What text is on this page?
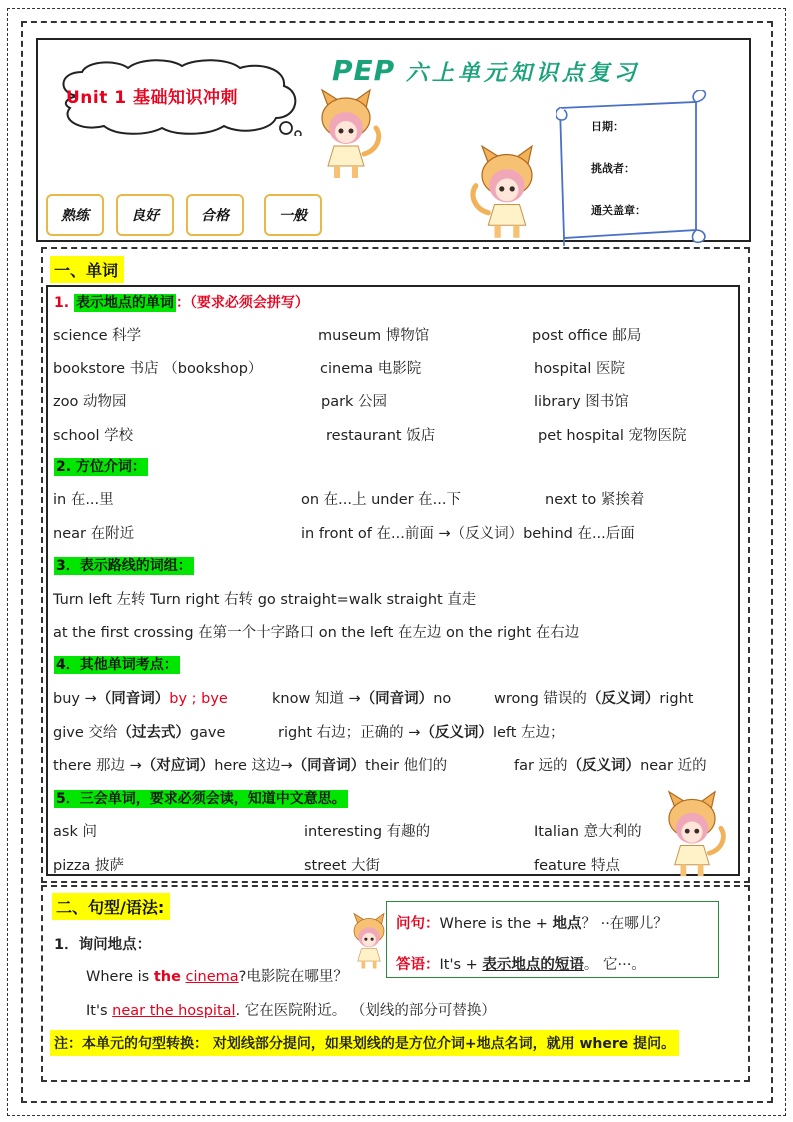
Unit 1 基础知识冲刺
PEP 六上单元知识点复习
日期：
挑战者：
通关盖章：
熟练	良好	合格	一般
一、单词
1. 表示地点的单词 ：（要求必须会拼写）
science 科学	museum 博物馆	post office 邮局
bookstore 书店 （bookshop）	cinema 电影院	hospital 医院
zoo 动物园	park 公园	library 图书馆
school 学校	restaurant 饭店	pet hospital 宠物医院
2. 方位介词：
in 在...里	on 在...上 under 在...下	next to 紧挨着
near 在附近	in front of 在...前面 →（反义词）behind 在...后面
3．表示路线的词组：
Turn left 左转 Turn right 右转 go straight=walk straight 直走
at the first crossing 在第一个十字路口 on the left 在左边 on the right 在右边
4．其他单词考点：
buy →（同音词）by ; bye	know 知道 →（同音词）no	wrong 错误的（反义词）right
give 交给（过去式）gave	right 右边；正确的 →（反义词）left 左边；
there 那边 →（对应词）here 这边→（同音词）their 他们的	far 远的（反义词）near 近的
5．三会单词，要求必须会读，知道中文意思。
ask 问	interesting 有趣的	Italian 意大利的
pizza 披萨	street 大街	feature 特点
二、句型/语法:
问句：Where is the + 地点？ ··在哪儿？
答语：It's + 表示地点的短语。 它···。
1．询问地点：
Where is the cinema?电影院在哪里？
It's near the hospital. 它在医院附近。 （划线的部分可替换）
注：本单元的句型转换： 对划线部分提问，如果划线的是方位介词+地点名词，就用 where 提问。
